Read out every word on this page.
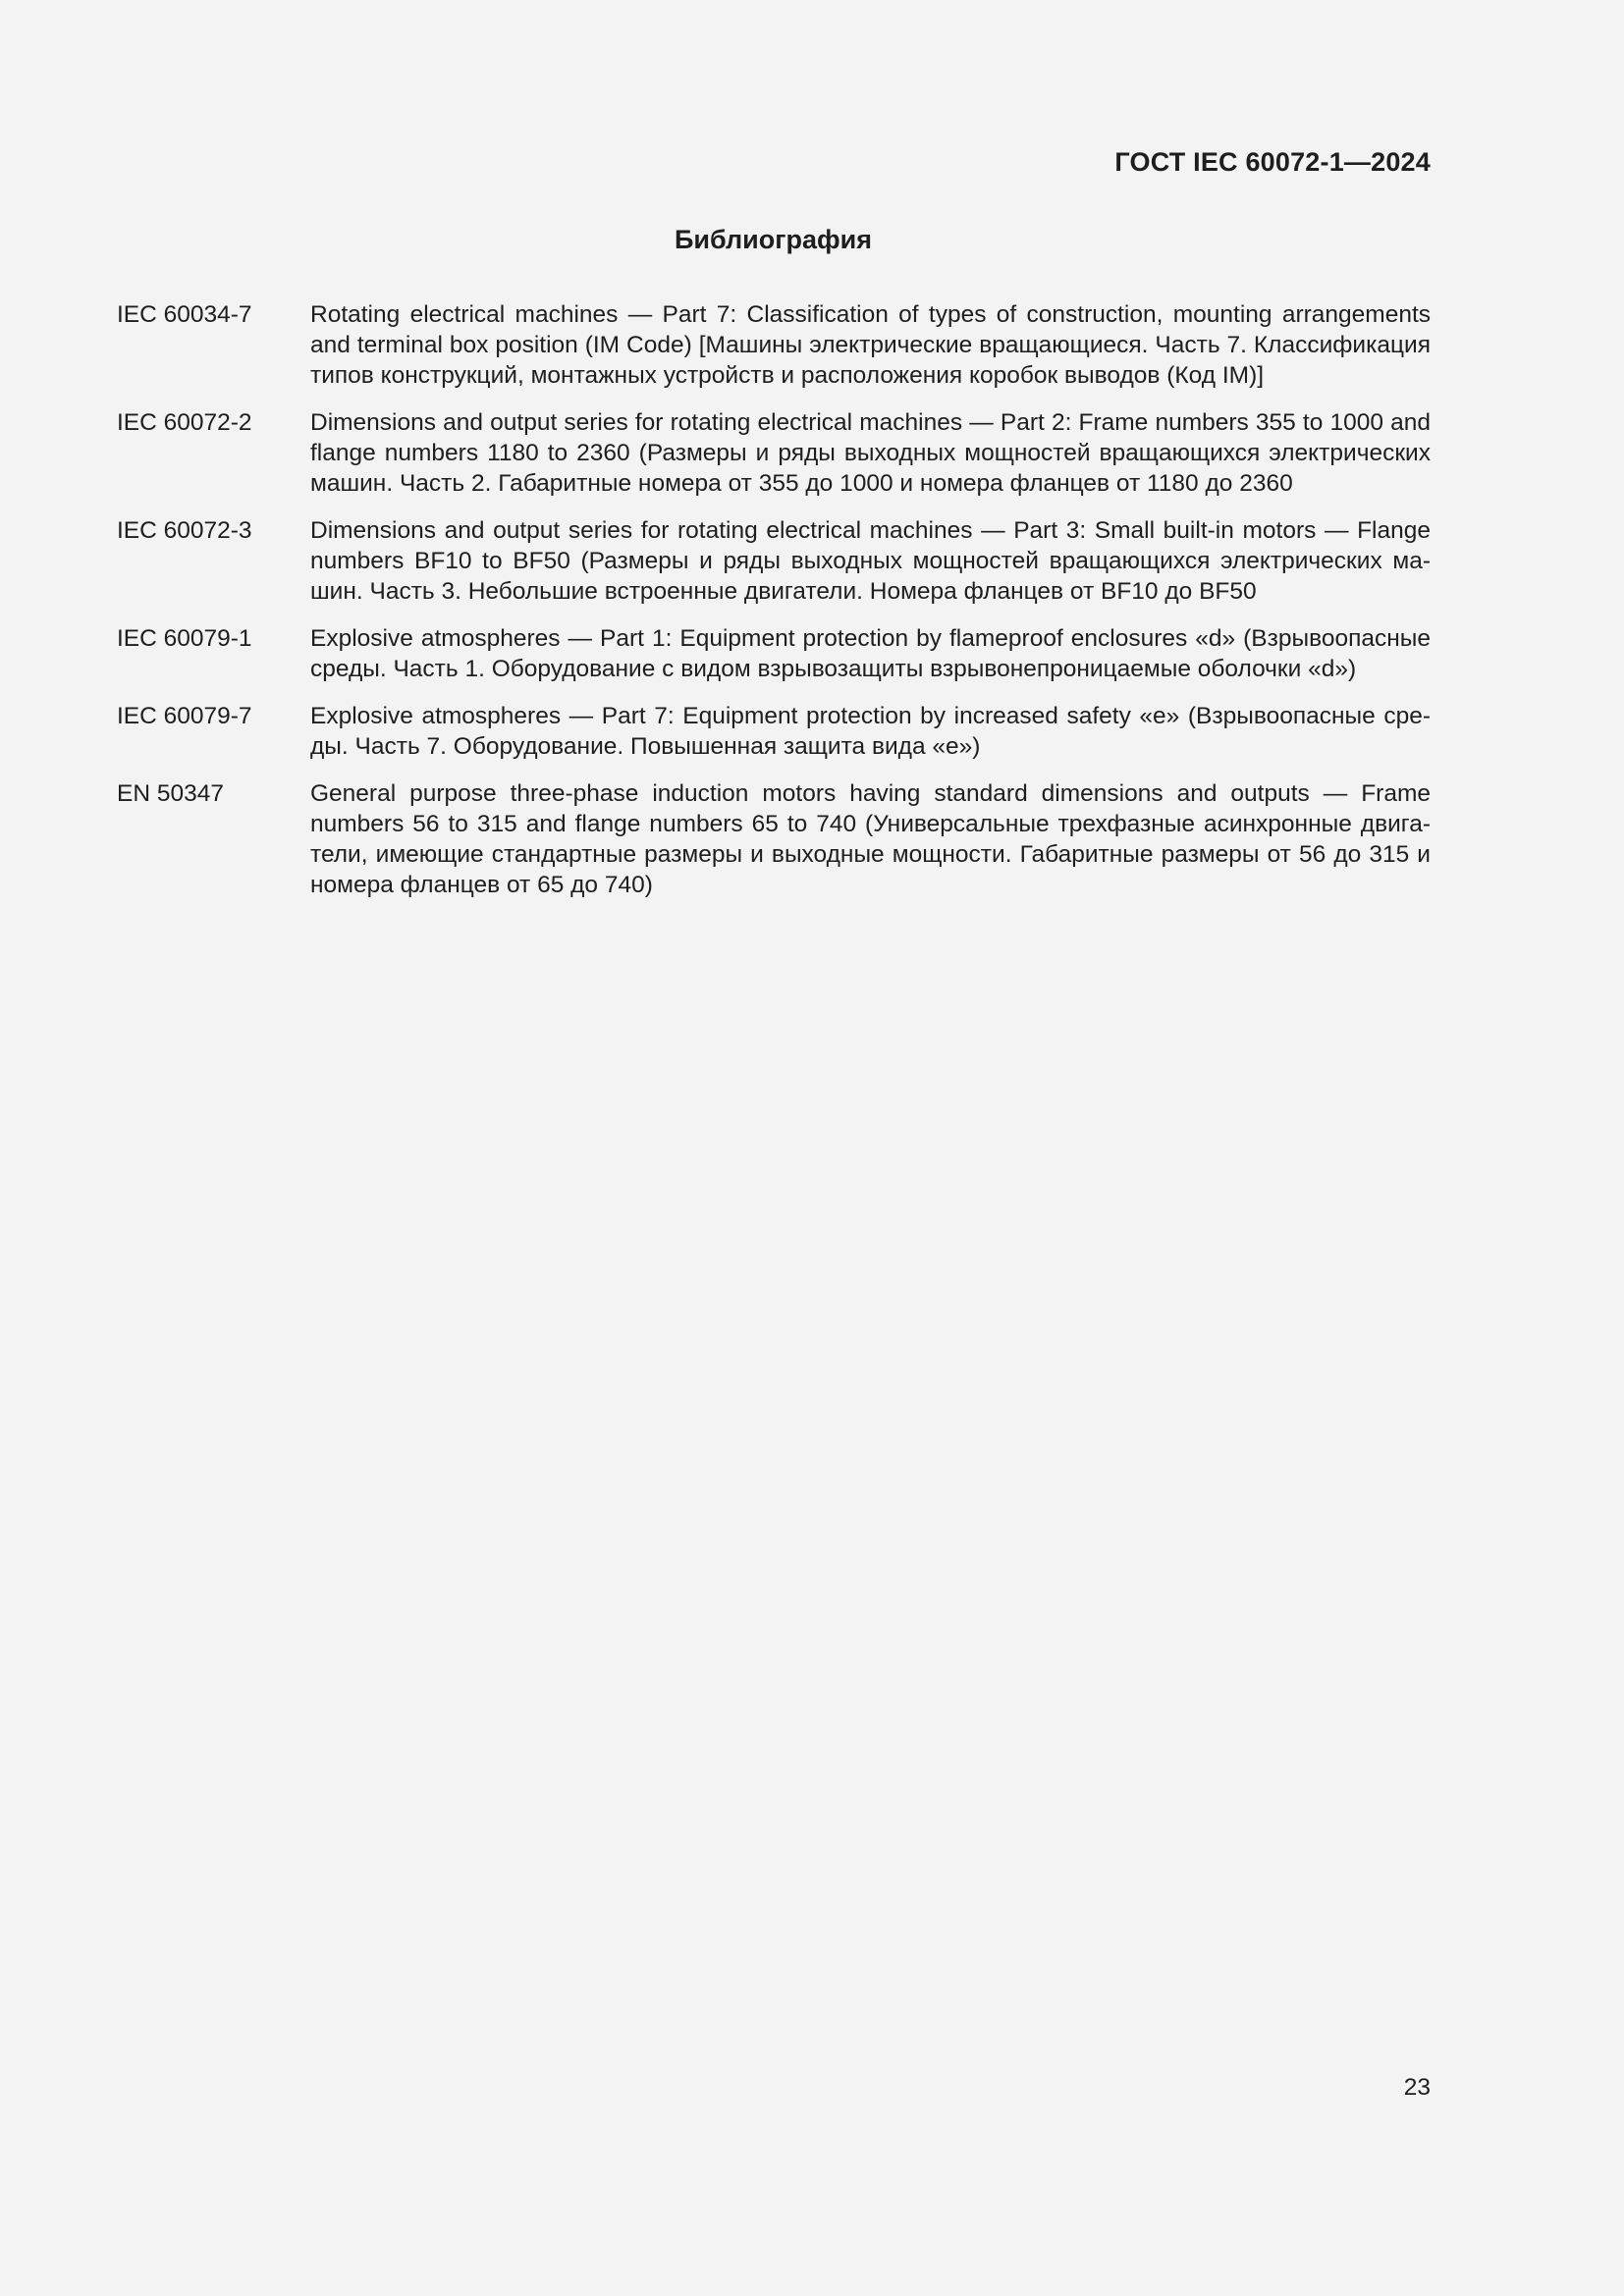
ГОСТ IEC 60072-1—2024
Библиография
IEC 60034-7	Rotating electrical machines — Part 7: Classification of types of construction, mounting arrangements and terminal box position (IM Code) [Машины электрические вращающиеся. Часть 7. Классификация типов конструкций, монтажных устройств и расположения коробок выводов (Код IM)]
IEC 60072-2	Dimensions and output series for rotating electrical machines — Part 2: Frame numbers 355 to 1000 and flange numbers 1180 to 2360 (Размеры и ряды выходных мощностей вращающихся электрических машин. Часть 2. Габаритные номера от 355 до 1000 и номера фланцев от 1180 до 2360
IEC 60072-3	Dimensions and output series for rotating electrical machines — Part 3: Small built-in motors — Flange numbers BF10 to BF50 (Размеры и ряды выходных мощностей вращающихся электрических машин. Часть 3. Небольшие встроенные двигатели. Номера фланцев от BF10 до BF50
IEC 60079-1	Explosive atmospheres — Part 1: Equipment protection by flameproof enclosures «d» (Взрывоопасные среды. Часть 1. Оборудование с видом взрывозащиты взрывонепроницаемые оболочки «d»)
IEC 60079-7	Explosive atmospheres — Part 7: Equipment protection by increased safety «e» (Взрывоопасные среды. Часть 7. Оборудование. Повышенная защита вида «e»)
EN 50347	General purpose three-phase induction motors having standard dimensions and outputs — Frame numbers 56 to 315 and flange numbers 65 to 740 (Универсальные трехфазные асинхронные двигатели, имеющие стандартные размеры и выходные мощности. Габаритные размеры от 56 до 315 и номера фланцев от 65 до 740)
23
